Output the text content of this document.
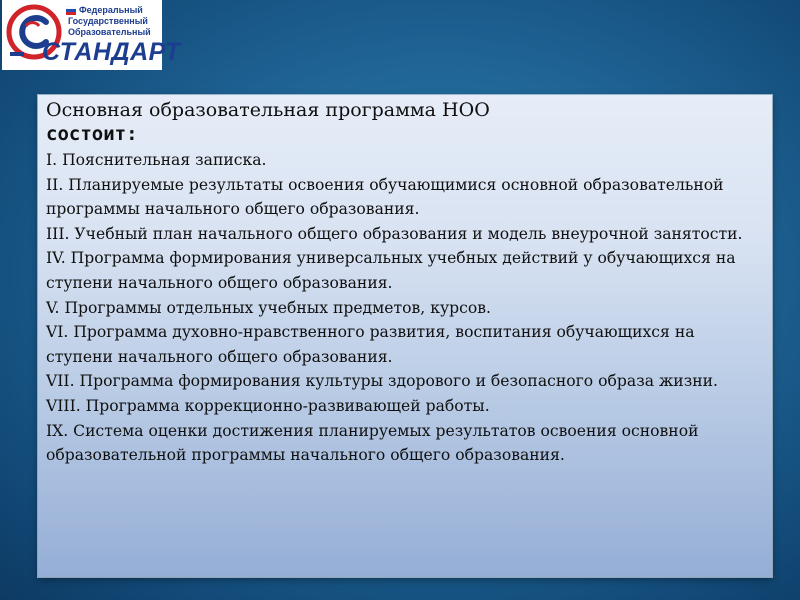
Федеральный
Государственный
Образовательный
СТАНДАРТ

Основная образовательная программа НОО

состоит:

I. Пояснительная записка.

II. Планируемые результаты освоения обучающимися основной образовательной программы начального общего образования.

III. Учебный план начального общего образования и модель внеурочной занятости.

IV. Программа формирования универсальных учебных действий у обучающихся на ступени начального общего образования.

V. Программы отдельных учебных предметов, курсов.

VI. Программа духовно-нравственного развития, воспитания обучающихся на ступени начального общего образования.

VII. Программа формирования культуры здорового и безопасного образа жизни.

VIII. Программа коррекционно-развивающей работы.

IX. Система оценки достижения планируемых результатов освоения основной образовательной программы начального общего образования.
